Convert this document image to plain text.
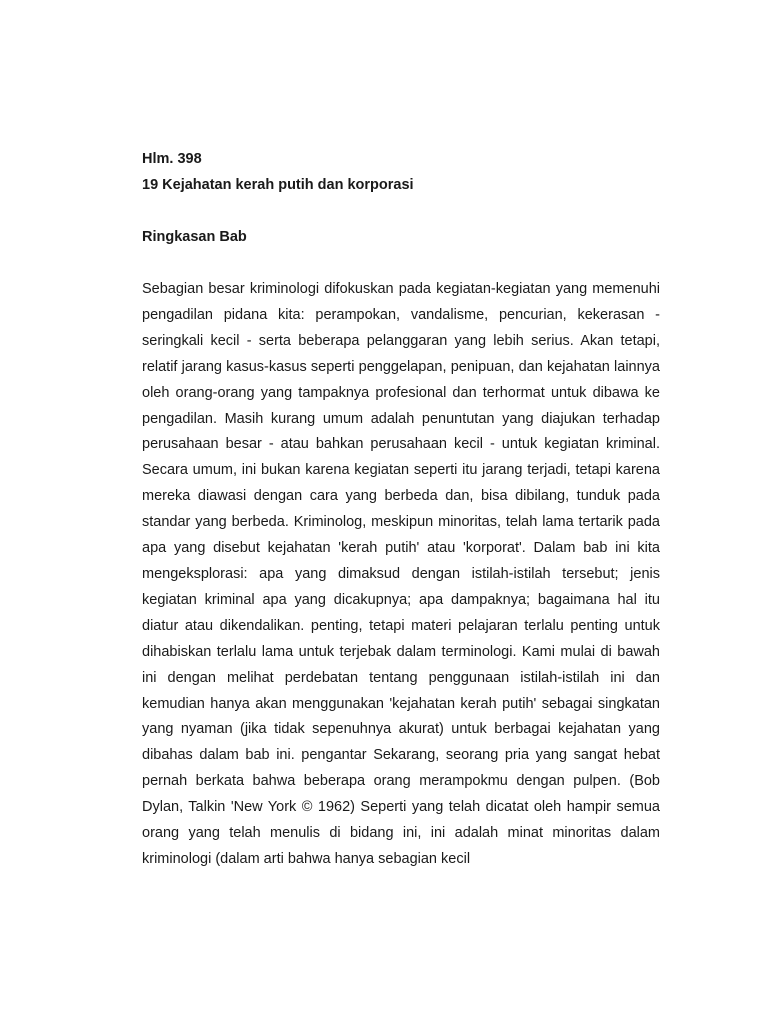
Hlm. 398

19 Kejahatan kerah putih dan korporasi

Ringkasan Bab

Sebagian besar kriminologi difokuskan pada kegiatan-kegiatan yang memenuhi pengadilan pidana kita: perampokan, vandalisme, pencurian, kekerasan - seringkali kecil - serta beberapa pelanggaran yang lebih serius. Akan tetapi, relatif jarang kasus-kasus seperti penggelapan, penipuan, dan kejahatan lainnya oleh orang-orang yang tampaknya profesional dan terhormat untuk dibawa ke pengadilan. Masih kurang umum adalah penuntutan yang diajukan terhadap perusahaan besar - atau bahkan perusahaan kecil - untuk kegiatan kriminal. Secara umum, ini bukan karena kegiatan seperti itu jarang terjadi, tetapi karena mereka diawasi dengan cara yang berbeda dan, bisa dibilang, tunduk pada standar yang berbeda. Kriminolog, meskipun minoritas, telah lama tertarik pada apa yang disebut kejahatan 'kerah putih' atau 'korporat'. Dalam bab ini kita mengeksplorasi: apa yang dimaksud dengan istilah-istilah tersebut; jenis kegiatan kriminal apa yang dicakupnya; apa dampaknya; bagaimana hal itu diatur atau dikendalikan. penting, tetapi materi pelajaran terlalu penting untuk dihabiskan terlalu lama untuk terjebak dalam terminologi. Kami mulai di bawah ini dengan melihat perdebatan tentang penggunaan istilah-istilah ini dan kemudian hanya akan menggunakan 'kejahatan kerah putih' sebagai singkatan yang nyaman (jika tidak sepenuhnya akurat) untuk berbagai kejahatan yang dibahas dalam bab ini. pengantar Sekarang, seorang pria yang sangat hebat pernah berkata bahwa beberapa orang merampokmu dengan pulpen. (Bob Dylan, Talkin 'New York © 1962) Seperti yang telah dicatat oleh hampir semua orang yang telah menulis di bidang ini, ini adalah minat minoritas dalam kriminologi (dalam arti bahwa hanya sebagian kecil
